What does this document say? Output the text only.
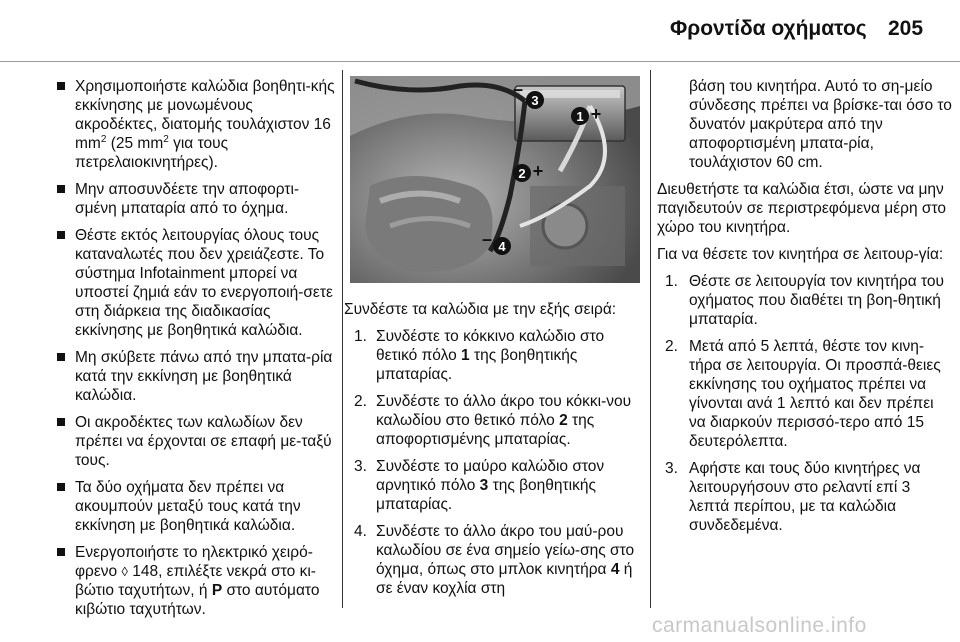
Φροντίδα οχήματος 205
Χρησιμοποιήστε καλώδια βοηθητι-κής εκκίνησης με μονωμένους ακροδέκτες, διατομής τουλάχιστον 16 $mm^2$ (25 $mm^2$ για τους πετρελαιοκινητήρες).
Μην αποσυνδέετε την αποφορτι-σμένη μπαταρία από το όχημα.
Θέστε εκτός λειτουργίας όλους τους καταναλωτές που δεν χρειάζεστε. Το σύστημα Infotainment μπορεί να υποστεί ζημιά εάν το ενεργοποιή-σετε στη διάρκεια της διαδικασίας εκκίνησης με βοηθητικά καλώδια.
Μη σκύβετε πάνω από την μπατα-ρία κατά την εκκίνηση με βοηθητικά καλώδια.
Οι ακροδέκτες των καλωδίων δεν πρέπει να έρχονται σε επαφή με-ταξύ τους.
Τα δύο οχήματα δεν πρέπει να ακουμπούν μεταξύ τους κατά την εκκίνηση με βοηθητικά καλώδια.
Ενεργοποιήστε το ηλεκτρικό χειρό-φρενο ◊ 148, επιλέξτε νεκρά στο κι-βώτιο ταχυτήτων, ή P στο αυτόματο κιβώτιο ταχυτήτων.
3
–
1 +
2 +
4
–

Συνδέστε τα καλώδια με την εξής σειρά:

1. Συνδέστε το κόκκινο καλώδιο στο θετικό πόλο 1 της βοηθητικής μπαταρίας.
2. Συνδέστε το άλλο άκρο του κόκκι-νου καλωδίου στο θετικό πόλο 2 της αποφορτισμένης μπαταρίας.
3. Συνδέστε το μαύρο καλώδιο στον αρνητικό πόλο 3 της βοηθητικής μπαταρίας.
4. Συνδέστε το άλλο άκρο του μαύ-ρου καλωδίου σε ένα σημείο γείω-σης στο όχημα, όπως στο μπλοκ κινητήρα 4 ή σε έναν κοχλία στη
βάση του κινητήρα. Αυτό το ση-μείο σύνδεσης πρέπει να βρίσκε-ται όσο το δυνατόν μακρύτερα από την αποφορτισμένη μπατα-ρία, τουλάχιστον 60 cm.

Διευθετήστε τα καλώδια έτσι, ώστε να μην παγιδευτούν σε περιστρεφόμενα μέρη στο χώρο του κινητήρα.

Για να θέσετε τον κινητήρα σε λειτουρ-γία:

1. Θέστε σε λειτουργία τον κινητήρα του οχήματος που διαθέτει τη βοη-θητική μπαταρία.
2. Μετά από 5 λεπτά, θέστε τον κινη-τήρα σε λειτουργία. Οι προσπά-θειες εκκίνησης του οχήματος πρέπει να γίνονται ανά 1 λεπτό και δεν πρέπει να διαρκούν περισσό-τερο από 15 δευτερόλεπτα.
3. Αφήστε και τους δύο κινητήρες να λειτουργήσουν στο ρελαντί επί 3 λεπτά περίπου, με τα καλώδια συνδεδεμένα.
carmanualsonline.info
